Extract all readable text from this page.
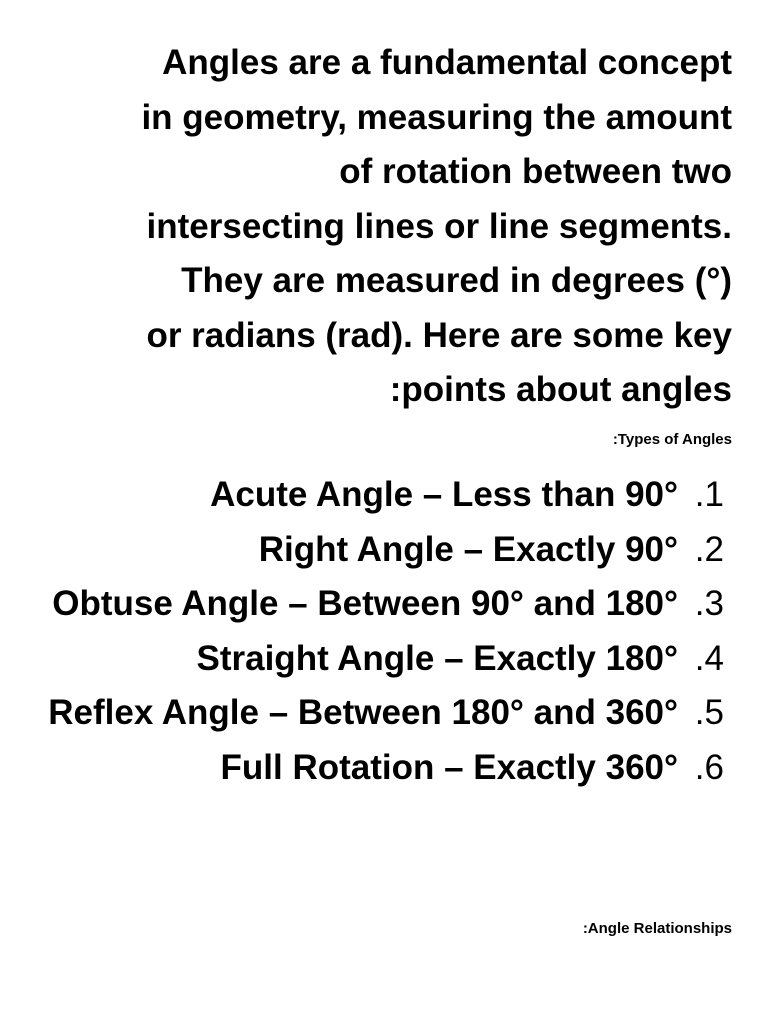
Angles are a fundamental concept
in geometry, measuring the amount
of rotation between two
intersecting lines or line segments.
They are measured in degrees (°)
or radians (rad). Here are some key
:points about angles

:Types of Angles

Acute Angle – Less than 90° .1
Right Angle – Exactly 90° .2
Obtuse Angle – Between 90° and 180° .3
Straight Angle – Exactly 180° .4
Reflex Angle – Between 180° and 360° .5
Full Rotation – Exactly 360° .6

:Angle Relationships
